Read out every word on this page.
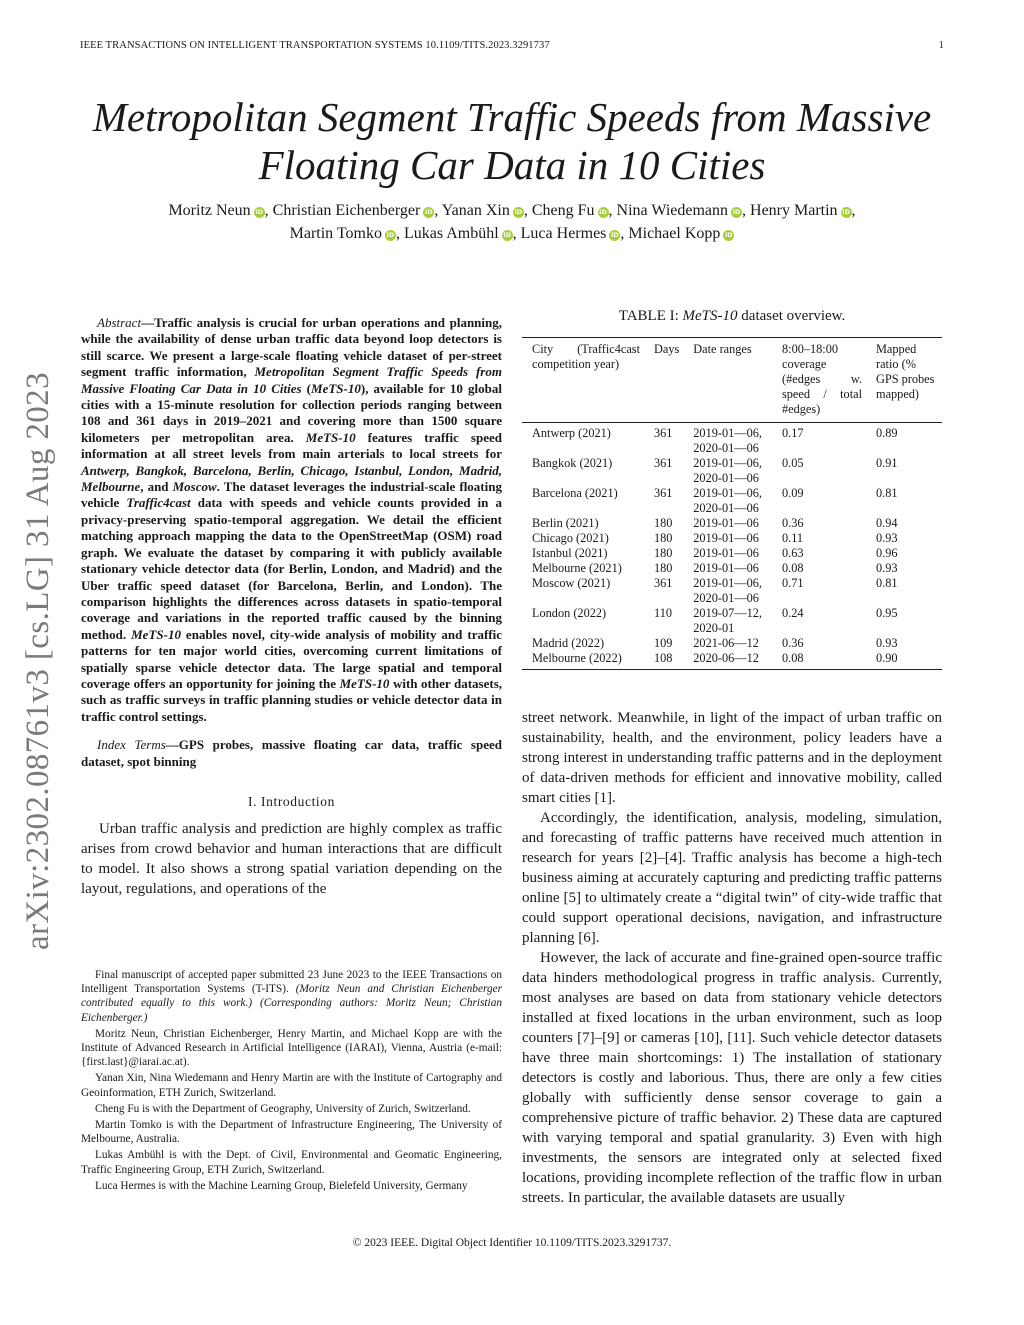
IEEE TRANSACTIONS ON INTELLIGENT TRANSPORTATION SYSTEMS 10.1109/TITS.2023.3291737	1
arXiv:2302.08761v3 [cs.LG] 31 Aug 2023
Metropolitan Segment Traffic Speeds from Massive
Floating Car Data in 10 Cities
Moritz Neun iD , Christian Eichenberger iD , Yanan Xin iD , Cheng Fu iD , Nina Wiedemann iD , Henry Martin iD ,
Martin Tomko iD , Lukas Ambühl iD , Luca Hermes iD , Michael Kopp iD
Abstract—Traffic analysis is crucial for urban operations and planning, while the availability of dense urban traffic data beyond loop detectors is still scarce. We present a large-scale floating vehicle dataset of per-street segment traffic information, Metropolitan Segment Traffic Speeds from Massive Floating Car Data in 10 Cities (MeTS-10), available for 10 global cities with a 15-minute resolution for collection periods ranging between 108 and 361 days in 2019–2021 and covering more than 1500 square kilometers per metropolitan area. MeTS-10 features traffic speed information at all street levels from main arterials to local streets for Antwerp, Bangkok, Barcelona, Berlin, Chicago, Istanbul, London, Madrid, Melbourne, and Moscow. The dataset leverages the industrial-scale floating vehicle Traffic4cast data with speeds and vehicle counts provided in a privacy-preserving spatio-temporal aggregation. We detail the efficient matching approach mapping the data to the OpenStreetMap (OSM) road graph. We evaluate the dataset by comparing it with publicly available stationary vehicle detector data (for Berlin, London, and Madrid) and the Uber traffic speed dataset (for Barcelona, Berlin, and London). The comparison highlights the differences across datasets in spatio-temporal coverage and variations in the reported traffic caused by the binning method. MeTS-10 enables novel, city-wide analysis of mobility and traffic patterns for ten major world cities, overcoming current limitations of spatially sparse vehicle detector data. The large spatial and temporal coverage offers an opportunity for joining the MeTS-10 with other datasets, such as traffic surveys in traffic planning studies or vehicle detector data in traffic control settings.
Index Terms—GPS probes, massive floating car data, traffic speed dataset, spot binning
I. Introduction

Urban traffic analysis and prediction are highly complex as traffic arises from crowd behavior and human interactions that are difficult to model. It also shows a strong spatial variation depending on the layout, regulations, and operations of the

Final manuscript of accepted paper submitted 23 June 2023 to the IEEE Transactions on Intelligent Transportation Systems (T-ITS). (Moritz Neun and Christian Eichenberger contributed equally to this work.) (Corresponding authors: Moritz Neun; Christian Eichenberger.)

Moritz Neun, Christian Eichenberger, Henry Martin, and Michael Kopp are with the Institute of Advanced Research in Artificial Intelligence (IARAI), Vienna, Austria (e-mail:{first.last}@iarai.ac.at).

Yanan Xin, Nina Wiedemann and Henry Martin are with the Institute of Cartography and Geoinformation, ETH Zurich, Switzerland.

Cheng Fu is with the Department of Geography, University of Zurich, Switzerland.

Martin Tomko is with the Department of Infrastructure Engineering, The University of Melbourne, Australia.

Lukas Ambühl is with the Dept. of Civil, Environmental and Geomatic Engineering, Traffic Engineering Group, ETH Zurich, Switzerland.

Luca Hermes is with the Machine Learning Group, Bielefeld University, Germany

TABLE I: MeTS-10 dataset overview.
City (Traffic4cast competition year)	Days	Date ranges	8:00–18:00 coverage (#edges w. speed / total #edges)	Mapped ratio (% GPS probes mapped)
Antwerp (2021)	361	2019-01—06, 2020-01—06	0.17	0.89
Bangkok (2021)	361	2019-01—06, 2020-01—06	0.05	0.91
Barcelona (2021)	361	2019-01—06, 2020-01—06	0.09	0.81
Berlin (2021)	180	2019-01—06	0.36	0.94
Chicago (2021)	180	2019-01—06	0.11	0.93
Istanbul (2021)	180	2019-01—06	0.63	0.96
Melbourne (2021)	180	2019-01—06	0.08	0.93
Moscow (2021)	361	2019-01—06, 2020-01—06	0.71	0.81
London (2022)	110	2019-07—12, 2020-01	0.24	0.95
Madrid (2022)	109	2021-06—12	0.36	0.93
Melbourne (2022)	108	2020-06—12	0.08	0.90

street network. Meanwhile, in light of the impact of urban traffic on sustainability, health, and the environment, policy leaders have a strong interest in understanding traffic patterns and in the deployment of data-driven methods for efficient and innovative mobility, called smart cities [1].

Accordingly, the identification, analysis, modeling, simulation, and forecasting of traffic patterns have received much attention in research for years [2]–[4]. Traffic analysis has become a high-tech business aiming at accurately capturing and predicting traffic patterns online [5] to ultimately create a “digital twin” of city-wide traffic that could support operational decisions, navigation, and infrastructure planning [6].

However, the lack of accurate and fine-grained open-source traffic data hinders methodological progress in traffic analysis. Currently, most analyses are based on data from stationary vehicle detectors installed at fixed locations in the urban environment, such as loop counters [7]–[9] or cameras [10], [11]. Such vehicle detector datasets have three main shortcomings: 1) The installation of stationary detectors is costly and laborious. Thus, there are only a few cities globally with sufficiently dense sensor coverage to gain a comprehensive picture of traffic behavior. 2) These data are captured with varying temporal and spatial granularity. 3) Even with high investments, the sensors are integrated only at selected fixed locations, providing incomplete reflection of the traffic flow in urban streets. In particular, the available datasets are usually

© 2023 IEEE. Digital Object Identifier 10.1109/TITS.2023.3291737.
